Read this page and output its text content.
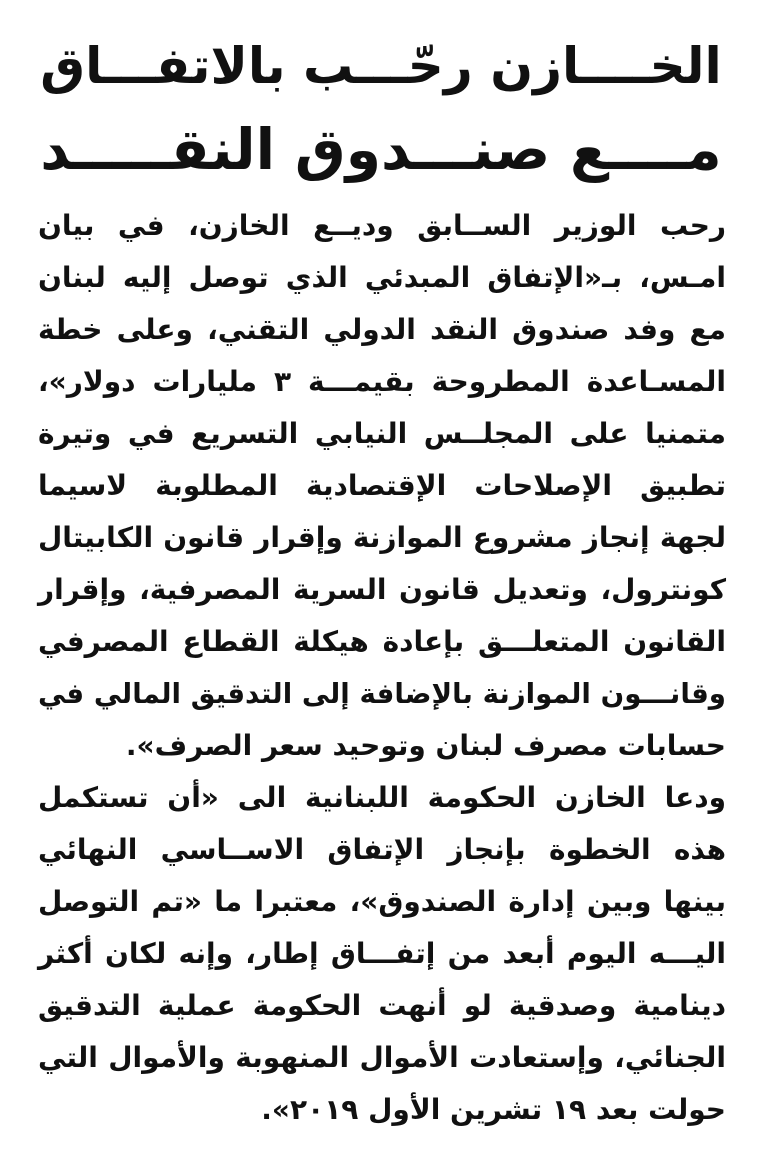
الخــــازن رحّـــب بالاتفـــاق
مــــع صنـــدوق النقـــــد
رحب الوزير الســابق وديــع الخازن، في بيان
امـس، بـ«الإتفاق المبدئي الذي توصل إليه لبنان
مع وفد صندوق النقد الدولي التقني، وعلى خطة
المسـاعدة المطروحة بقيمـــة ٣ مليارات دولار»،
متمنيا على المجلــس النيابي التسريع في وتيرة
تطبيق الإصلاحات الإقتصادية المطلوبة لاسيما
لجهة إنجاز مشروع الموازنة وإقرار قانون الكابيتال
كونترول، وتعديل قانون السرية المصرفية، وإقرار
القانون المتعلـــق بإعادة هيكلة القطاع المصرفي
وقانـــون الموازنة بالإضافة إلى التدقيق المالي في
حسابات مصرف لبنان وتوحيد سعر الصرف».
ودعا الخازن الحكومة اللبنانية الى «أن تستكمل
هذه الخطوة بإنجاز الإتفاق الاســاسي النهائي
بينها وبين إدارة الصندوق»، معتبرا ما «تم التوصل
اليـــه اليوم أبعد من إتفـــاق إطار، وإنه لكان أكثر
دينامية وصدقية لو أنهت الحكومة عملية التدقيق
الجنائي، وإستعادت الأموال المنهوبة والأموال التي
حولت بعد ١٩ تشرين الأول ٢٠١٩».
